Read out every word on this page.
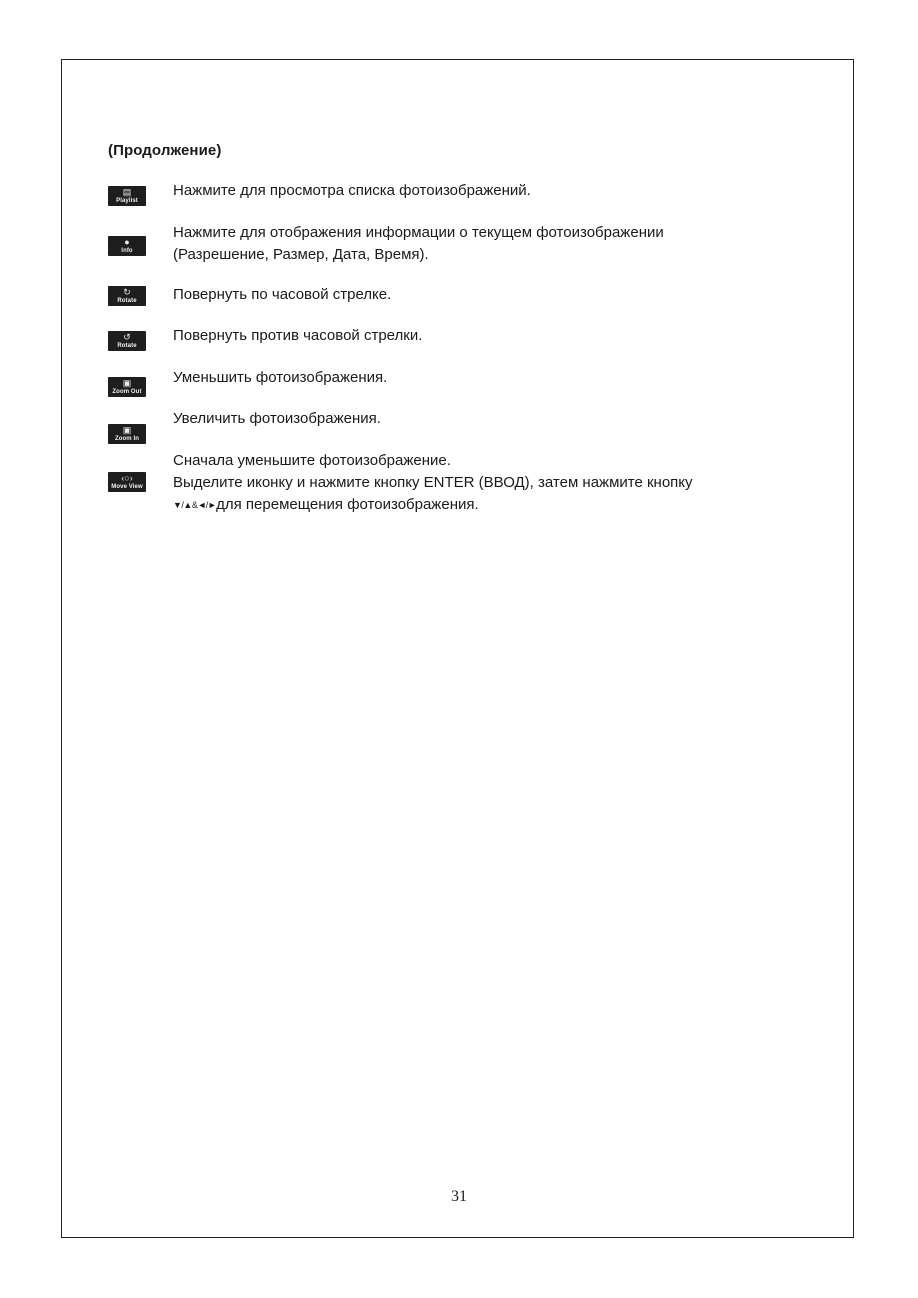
(Продолжение)
▤
Playlist
Нажмите для просмотра списка фотоизображений.
●
Info
Нажмите для отображения информации о текущем фотоизображении
(Разрешение, Размер, Дата, Время).
↻
Rotate	Повернуть по часовой стрелке.
↺
Rotate
Повернуть против часовой стрелки.
▣
Zoom Out
Уменьшить фотоизображения.
▣
Zoom In
Увеличить фотоизображения.
‹○›
Move View
Сначала уменьшите фотоизображение.
Выделите иконку и нажмите кнопку ENTER (ВВОД), затем нажмите кнопку
▼/▲&◄/►для перемещения фотоизображения.
31
